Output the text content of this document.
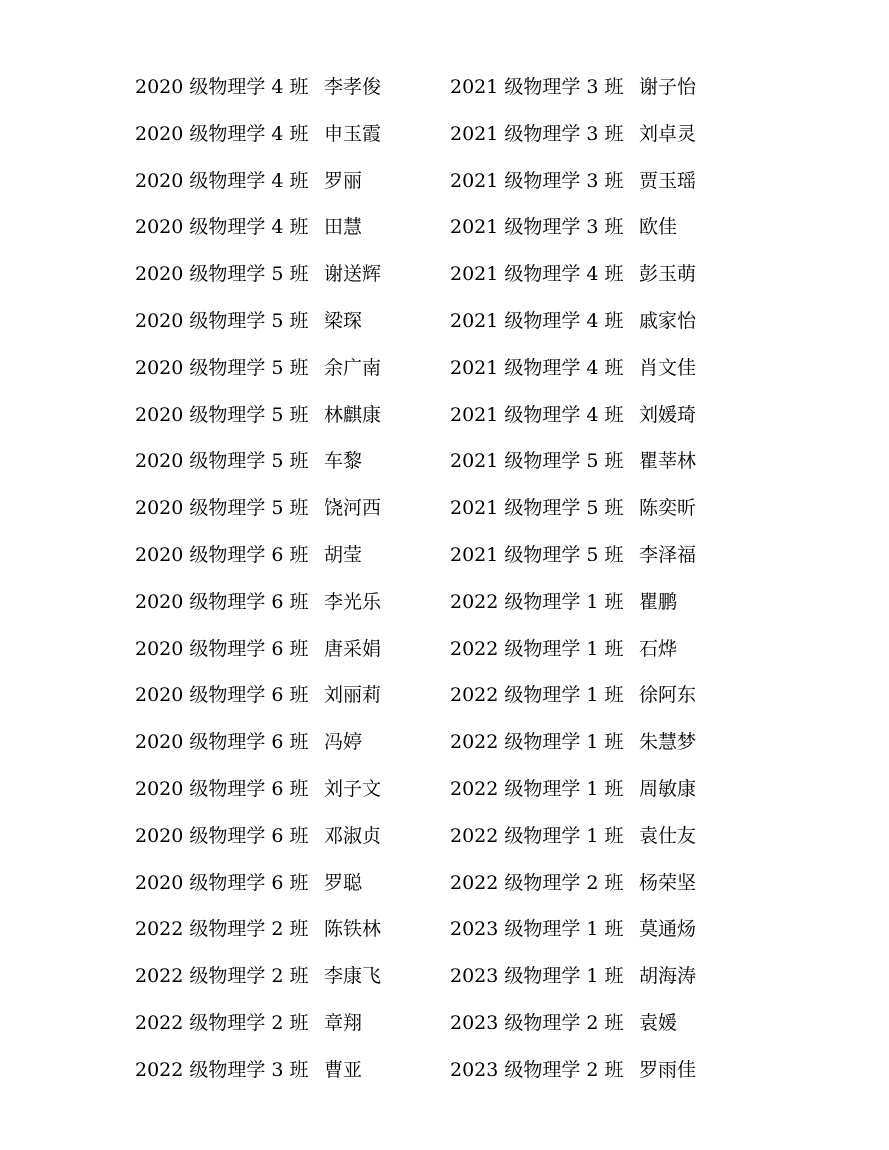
2020 级物理学 4 班 李孝俊	2021 级物理学 3 班 谢子怡
2020 级物理学 4 班 申玉霞	2021 级物理学 3 班 刘卓灵
2020 级物理学 4 班 罗丽	2021 级物理学 3 班 贾玉瑶
2020 级物理学 4 班 田慧	2021 级物理学 3 班 欧佳
2020 级物理学 5 班 谢送辉	2021 级物理学 4 班 彭玉萌
2020 级物理学 5 班 梁琛	2021 级物理学 4 班 戚家怡
2020 级物理学 5 班 余广南	2021 级物理学 4 班 肖文佳
2020 级物理学 5 班 林麒康	2021 级物理学 4 班 刘媛琦
2020 级物理学 5 班 车黎	2021 级物理学 5 班 瞿莘林
2020 级物理学 5 班 饶河西	2021 级物理学 5 班 陈奕昕
2020 级物理学 6 班 胡莹	2021 级物理学 5 班 李泽福
2020 级物理学 6 班 李光乐	2022 级物理学 1 班 瞿鹏
2020 级物理学 6 班 唐采娟	2022 级物理学 1 班 石烨
2020 级物理学 6 班 刘丽莉	2022 级物理学 1 班 徐阿东
2020 级物理学 6 班 冯婷	2022 级物理学 1 班 朱慧梦
2020 级物理学 6 班 刘子文	2022 级物理学 1 班 周敏康
2020 级物理学 6 班 邓淑贞	2022 级物理学 1 班 袁仕友
2020 级物理学 6 班 罗聪	2022 级物理学 2 班 杨荣坚
2022 级物理学 2 班 陈铁林	2023 级物理学 1 班 莫通炀
2022 级物理学 2 班 李康飞	2023 级物理学 1 班 胡海涛
2022 级物理学 2 班 章翔	2023 级物理学 2 班 袁媛
2022 级物理学 3 班 曹亚	2023 级物理学 2 班 罗雨佳
